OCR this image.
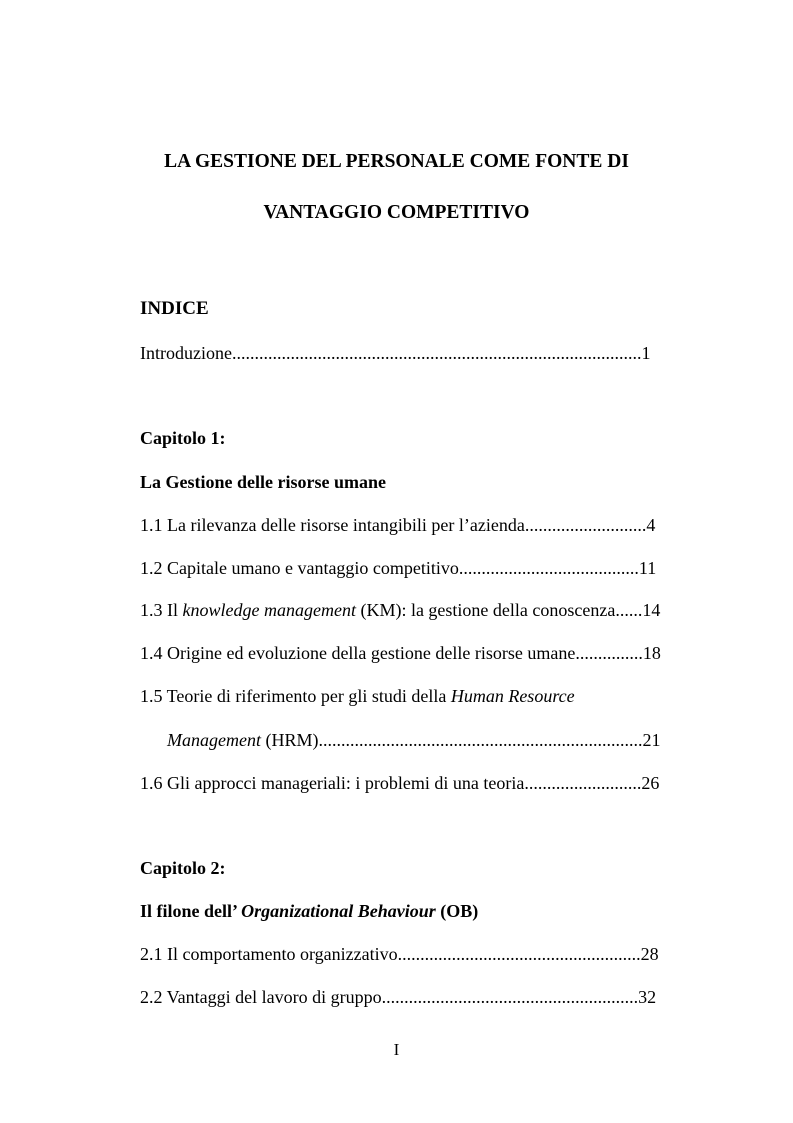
LA GESTIONE DEL PERSONALE COME FONTE DI
VANTAGGIO COMPETITIVO
INDICE
Introduzione...........................................................................................1
Capitolo 1:
La Gestione delle risorse umane
1.1 La rilevanza delle risorse intangibili per l’azienda...........................4
1.2 Capitale umano e vantaggio competitivo........................................11
1.3 Il knowledge management (KM): la gestione della conoscenza......14
1.4 Origine ed evoluzione della gestione delle risorse umane...............18
1.5 Teorie di riferimento per gli studi della Human Resource
Management (HRM)........................................................................21
1.6 Gli approcci manageriali: i problemi di una teoria..........................26
Capitolo 2:
Il filone dell’ Organizational Behaviour (OB)
2.1 Il comportamento organizzativo......................................................28
2.2 Vantaggi del lavoro di gruppo.........................................................32
I
